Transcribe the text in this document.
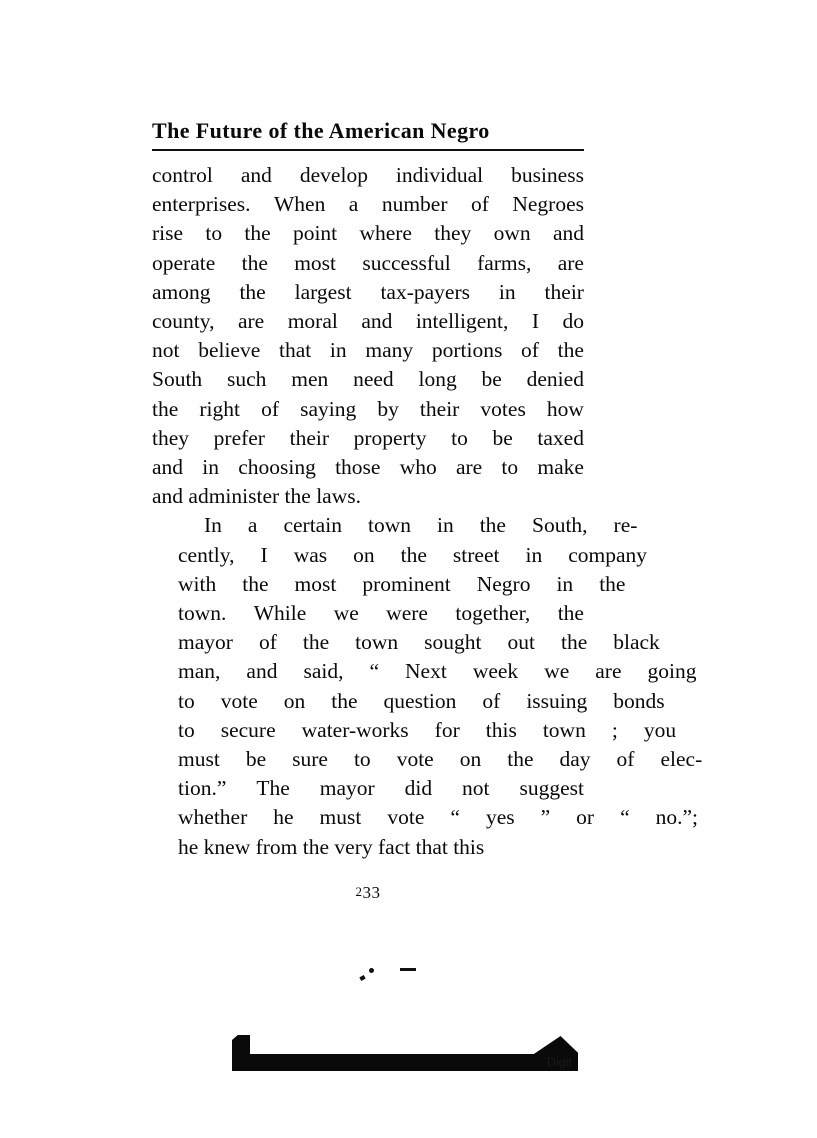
The Future of the American Negro

control and develop individual business
enterprises. When a number of Negroes
rise to the point where they own and
operate the most successful farms, are
among the largest tax-payers in their
county, are moral and intelligent, I do
not believe that in many portions of the
South such men need long be denied
the right of saying by their votes how
they prefer their property to be taxed
and in choosing those who are to make
and administer the laws.

In	a	certain	town	in	the	South,	re-
cently,	I	was	on	the	street	in	company
with	the	most	prominent	Negro	in	the
town.	While	we	were	together,	the
mayor	of	the	town	sought	out	the	black
man,	and	said,	“	Next	week	we	are	going
to	vote	on	the	question	of	issuing	bonds
to	secure	water-works	for	this	town	;	you
must	be	sure	to	vote	on	the	day	of	elec-
tion.”	The	mayor	did	not	suggest
whether	he	must	vote	“	yes	”	or	“	no.”;
he knew from the very fact that this

233
Digit
